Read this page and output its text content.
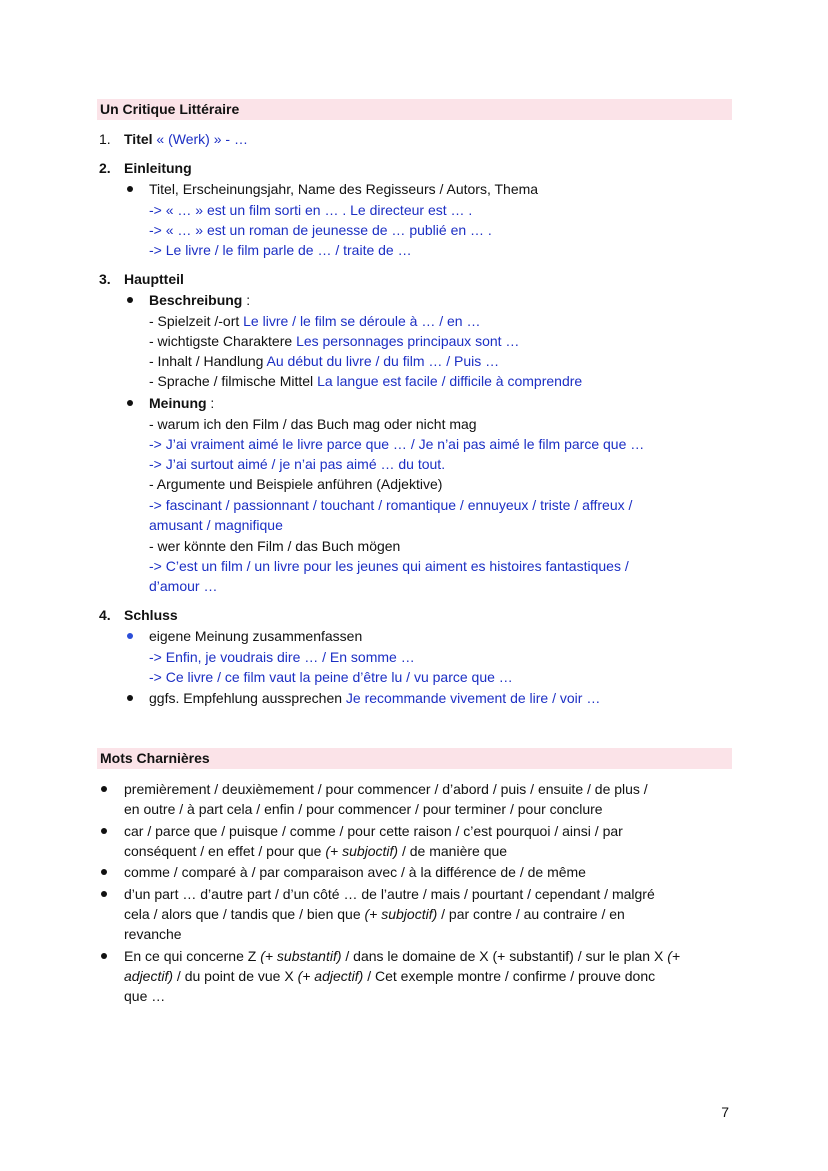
Un Critique Littéraire
1. Titel « (Werk) » - …
2. Einleitung
Titel, Erscheinungsjahr, Name des Regisseurs / Autors, Thema
-> « … » est un film sorti en … . Le directeur est … .
-> « … » est un roman de jeunesse de … publié en … .
-> Le livre / le film parle de … / traite de …
3. Hauptteil
Beschreibung :
- Spielzeit /-ort Le livre / le film se déroule à … / en …
- wichtigste Charaktere Les personnages principaux sont …
- Inhalt / Handlung Au début du livre / du film … / Puis …
- Sprache / filmische Mittel La langue est facile / difficile à comprendre
Meinung :
- warum ich den Film / das Buch mag oder nicht mag
-> J’ai vraiment aimé le livre parce que … / Je n’ai pas aimé le film parce que …
-> J’ai surtout aimé / je n’ai pas aimé … du tout.
- Argumente und Beispiele anführen (Adjektive)
-> fascinant / passionnant / touchant / romantique / ennuyeux / triste / affreux /
amusant / magnifique
- wer könnte den Film / das Buch mögen
-> C’est un film / un livre pour les jeunes qui aiment es histoires fantastiques /
d’amour …
4. Schluss
eigene Meinung zusammenfassen
-> Enfin, je voudrais dire … / En somme …
-> Ce livre / ce film vaut la peine d’être lu / vu parce que …
ggfs. Empfehlung aussprechen Je recommande vivement de lire / voir …
Mots Charnières
premièrement / deuxièmement / pour commencer / d’abord / puis / ensuite / de plus /
en outre / à part cela / enfin / pour commencer / pour terminer / pour conclure
car / parce que / puisque / comme / pour cette raison / c’est pourquoi / ainsi / par
conséquent / en effet / pour que (+ subjoctif) / de manière que
comme / comparé à / par comparaison avec / à la différence de / de même
d’un part … d’autre part / d’un côté … de l’autre / mais / pourtant / cependant / malgré
cela / alors que / tandis que / bien que (+ subjoctif) / par contre / au contraire / en
revanche
En ce qui concerne Z (+ substantif) / dans le domaine de X (+ substantif) / sur le plan X (+
adjectif) / du point de vue X (+ adjectif) / Cet exemple montre / confirme / prouve donc
que …
7
